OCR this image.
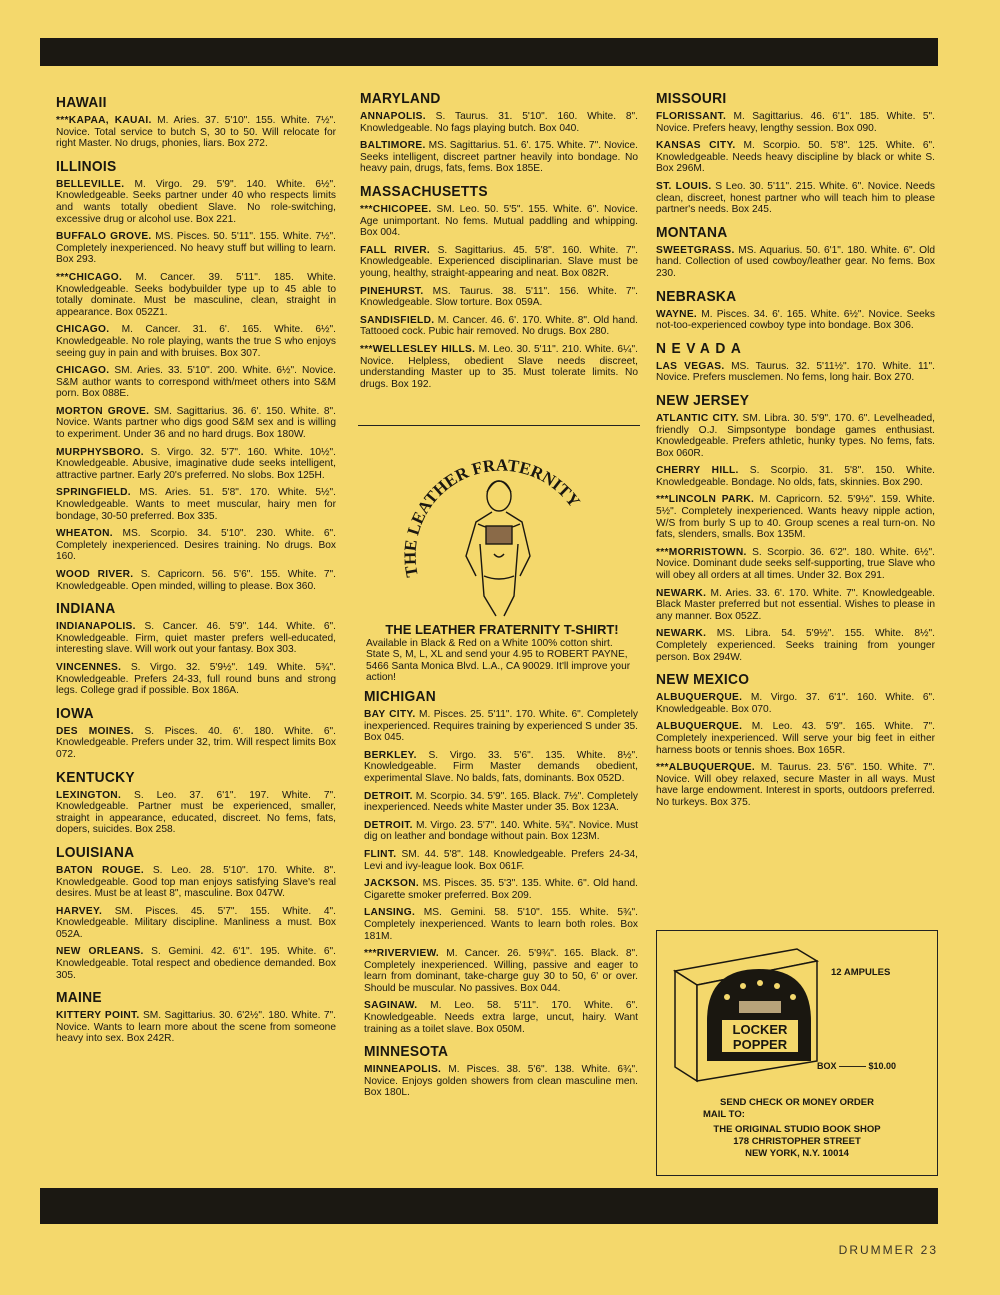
HAWAII

***KAPAA, KAUAI. M. Aries. 37. 5'10". 155. White. 7½". Novice. Total service to butch S, 30 to 50. Will relocate for right Master. No drugs, phonies, liars. Box 272.

ILLINOIS

BELLEVILLE. M. Virgo. 29. 5'9". 140. White. 6½". Knowledgeable. Seeks partner under 40 who respects limits and wants totally obedient Slave. No role-switching, excessive drug or alcohol use. Box 221.

BUFFALO GROVE. MS. Pisces. 50. 5'11". 155. White. 7½". Completely inexperienced. No heavy stuff but willing to learn. Box 293.

***CHICAGO. M. Cancer. 39. 5'11". 185. White. Knowledgeable. Seeks bodybuilder type up to 45 able to totally dominate. Must be masculine, clean, straight in appearance. Box 052Z1.

CHICAGO. M. Cancer. 31. 6'. 165. White. 6½". Knowledgeable. No role playing, wants the true S who enjoys seeing guy in pain and with bruises. Box 307.

CHICAGO. SM. Aries. 33. 5'10". 200. White. 6½". Novice. S&M author wants to correspond with/meet others into S&M porn. Box 088E.

MORTON GROVE. SM. Sagittarius. 36. 6'. 150. White. 8". Novice. Wants partner who digs good S&M sex and is willing to experiment. Under 36 and no hard drugs. Box 180W.

MURPHYSBORO. S. Virgo. 32. 5'7". 160. White. 10½". Knowledgeable. Abusive, imaginative dude seeks intelligent, attractive partner. Early 20's preferred. No slobs. Box 125H.

SPRINGFIELD. MS. Aries. 51. 5'8". 170. White. 5½". Knowledgeable. Wants to meet muscular, hairy men for bondage, 30-50 preferred. Box 335.

WHEATON. MS. Scorpio. 34. 5'10". 230. White. 6". Completely inexperienced. Desires training. No drugs. Box 160.

WOOD RIVER. S. Capricorn. 56. 5'6". 155. White. 7". Knowledgeable. Open minded, willing to please. Box 360.

INDIANA

INDIANAPOLIS. S. Cancer. 46. 5'9". 144. White. 6". Knowledgeable. Firm, quiet master prefers well-educated, interesting slave. Will work out your fantasy. Box 303.

VINCENNES. S. Virgo. 32. 5'9½". 149. White. 5¾". Knowledgeable. Prefers 24-33, full round buns and strong legs. College grad if possible. Box 186A.

IOWA

DES MOINES. S. Pisces. 40. 6'. 180. White. 6". Knowledgeable. Prefers under 32, trim. Will respect limits Box 072.

KENTUCKY

LEXINGTON. S. Leo. 37. 6'1". 197. White. 7". Knowledgeable. Partner must be experienced, smaller, straight in appearance, educated, discreet. No fems, fats, dopers, suicides. Box 258.

LOUISIANA

BATON ROUGE. S. Leo. 28. 5'10". 170. White. 8". Knowledgeable. Good top man enjoys satisfying Slave's real desires. Must be at least 8", masculine. Box 047W.

HARVEY. SM. Pisces. 45. 5'7". 155. White. 4". Knowledgeable. Military discipline. Manliness a must. Box 052A.

NEW ORLEANS. S. Gemini. 42. 6'1". 195. White. 6". Knowledgeable. Total respect and obedience demanded. Box 305.

MAINE

KITTERY POINT. SM. Sagittarius. 30. 6'2½". 180. White. 7". Novice. Wants to learn more about the scene from someone heavy into sex. Box 242R.

MARYLAND

ANNAPOLIS. S. Taurus. 31. 5'10". 160. White. 8". Knowledgeable. No fags playing butch. Box 040.

BALTIMORE. MS. Sagittarius. 51. 6'. 175. White. 7". Novice. Seeks intelligent, discreet partner heavily into bondage. No heavy pain, drugs, fats, fems. Box 185E.

MASSACHUSETTS

***CHICOPEE. SM. Leo. 50. 5'5". 155. White. 6". Novice. Age unimportant. No fems. Mutual paddling and whipping. Box 004.

FALL RIVER. S. Sagittarius. 45. 5'8". 160. White. 7". Knowledgeable. Experienced disciplinarian. Slave must be young, healthy, straight-appearing and neat. Box 082R.

PINEHURST. MS. Taurus. 38. 5'11". 156. White. 7". Knowledgeable. Slow torture. Box 059A.

SANDISFIELD. M. Cancer. 46. 6'. 170. White. 8". Old hand. Tattooed cock. Pubic hair removed. No drugs. Box 280.

***WELLESLEY HILLS. M. Leo. 30. 5'11". 210. White. 6¼". Novice. Helpless, obedient Slave needs discreet, understanding Master up to 35. Must tolerate limits. No drugs. Box 192.

MISSOURI

FLORISSANT. M. Sagittarius. 46. 6'1". 185. White. 5". Novice. Prefers heavy, lengthy session. Box 090.

KANSAS CITY. M. Scorpio. 50. 5'8". 125. White. 6". Knowledgeable. Needs heavy discipline by black or white S. Box 296M.

ST. LOUIS. S Leo. 30. 5'11". 215. White. 6". Novice. Needs clean, discreet, honest partner who will teach him to please partner's needs. Box 245.

MONTANA

SWEETGRASS. MS. Aquarius. 50. 6'1". 180. White. 6". Old hand. Collection of used cowboy/leather gear. No fems. Box 230.

NEBRASKA

WAYNE. M. Pisces. 34. 6'. 165. White. 6½". Novice. Seeks not-too-experienced cowboy type into bondage. Box 306.

NEVADA

LAS VEGAS. MS. Taurus. 32. 5'11½". 170. White. 11". Novice. Prefers musclemen. No fems, long hair. Box 270.

NEW JERSEY

ATLANTIC CITY. SM. Libra. 30. 5'9". 170. 6". Levelheaded, friendly O.J. Simpsontype bondage games enthusiast. Knowledgeable. Prefers athletic, hunky types. No fems, fats. Box 060R.

CHERRY HILL. S. Scorpio. 31. 5'8". 150. White. Knowledgeable. Bondage. No olds, fats, skinnies. Box 290.

***LINCOLN PARK. M. Capricorn. 52. 5'9½". 159. White. 5½". Completely inexperienced. Wants heavy nipple action, W/S from burly S up to 40. Group scenes a real turn-on. No fats, slenders, smalls. Box 135M.

***MORRISTOWN. S. Scorpio. 36. 6'2". 180. White. 6½". Novice. Dominant dude seeks self-supporting, true Slave who will obey all orders at all times. Under 32. Box 291.

NEWARK. M. Aries. 33. 6'. 170. White. 7". Knowledgeable. Black Master preferred but not essential. Wishes to please in any manner. Box 052Z.

NEWARK. MS. Libra. 54. 5'9½". 155. White. 8½". Completely experienced. Seeks training from younger person. Box 294W.

NEW MEXICO

ALBUQUERQUE. M. Virgo. 37. 6'1". 160. White. 6". Knowledgeable. Box 070.

ALBUQUERQUE. M. Leo. 43. 5'9". 165. White. 7". Completely inexperienced. Will serve your big feet in either harness boots or tennis shoes. Box 165R.

***ALBUQUERQUE. M. Taurus. 23. 5'6". 150. White. 7". Novice. Will obey relaxed, secure Master in all ways. Must have large endowment. Interest in sports, outdoors preferred. No turkeys. Box 375.

THE LEATHER FRATERNITY
THE LEATHER FRATERNITY T-SHIRT!
Available in Black & Red on a White 100% cotton shirt. State S, M, L, XL and send your 4.95 to ROBERT PAYNE, 5466 Santa Monica Blvd. L.A., CA 90029. It'll improve your action!
LOCKER
POPPER
12 AMPULES
BOX ——— $10.00
SEND CHECK OR MONEY ORDER
MAIL TO:
THE ORIGINAL STUDIO BOOK SHOP
178 CHRISTOPHER STREET
NEW YORK, N.Y. 10014
DRUMMER 23
MICHIGAN

BAY CITY. M. Pisces. 25. 5'11". 170. White. 6". Completely inexperienced. Requires training by experienced S under 35. Box 045.

BERKLEY. S. Virgo. 33. 5'6". 135. White. 8½". Knowledgeable. Firm Master demands obedient, experimental Slave. No balds, fats, dominants. Box 052D.

DETROIT. M. Scorpio. 34. 5'9". 165. Black. 7½". Completely inexperienced. Needs white Master under 35. Box 123A.

DETROIT. M. Virgo. 23. 5'7". 140. White. 5¾". Novice. Must dig on leather and bondage without pain. Box 123M.

FLINT. SM. 44. 5'8". 148. Knowledgeable. Prefers 24-34, Levi and ivy-league look. Box 061F.

JACKSON. MS. Pisces. 35. 5'3". 135. White. 6". Old hand. Cigarette smoker preferred. Box 209.

LANSING. MS. Gemini. 58. 5'10". 155. White. 5¾". Completely inexperienced. Wants to learn both roles. Box 181M.

***RIVERVIEW. M. Cancer. 26. 5'9¾". 165. Black. 8". Completely inexperienced. Willing, passive and eager to learn from dominant, take-charge guy 30 to 50, 6' or over. Should be muscular. No passives. Box 044.

SAGINAW. M. Leo. 58. 5'11". 170. White. 6". Knowledgeable. Needs extra large, uncut, hairy. Want training as a toilet slave. Box 050M.

MINNESOTA

MINNEAPOLIS. M. Pisces. 38. 5'6". 138. White. 6¾". Novice. Enjoys golden showers from clean masculine men. Box 180L.
